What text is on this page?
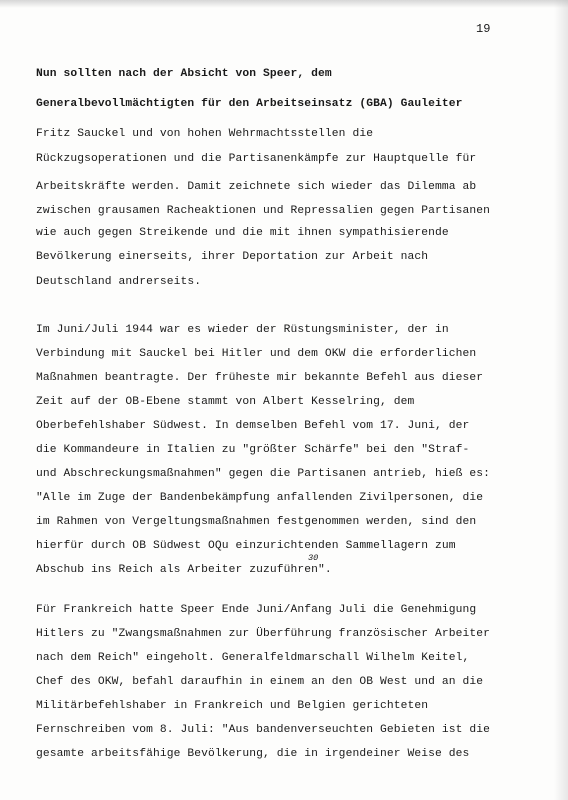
19
Nun sollten nach der Absicht von Speer, dem
Generalbevollmächtigten für den Arbeitseinsatz (GBA) Gauleiter
Fritz Sauckel und von hohen Wehrmachtsstellen die
Rückzugsoperationen und die Partisanenkämpfe zur Hauptquelle für
Arbeitskräfte werden. Damit zeichnete sich wieder das Dilemma ab
zwischen grausamen Racheaktionen und Repressalien gegen Partisanen
wie auch gegen Streikende und die mit ihnen sympathisierende
Bevölkerung einerseits, ihrer Deportation zur Arbeit nach
Deutschland andrerseits.
Im Juni/Juli 1944 war es wieder der Rüstungsminister, der in
Verbindung mit Sauckel bei Hitler und dem OKW die erforderlichen
Maßnahmen beantragte. Der früheste mir bekannte Befehl aus dieser
Zeit auf der OB-Ebene stammt von Albert Kesselring, dem
Oberbefehlshaber Südwest. In demselben Befehl vom 17. Juni, der
die Kommandeure in Italien zu "größter Schärfe" bei den "Straf-
und Abschreckungsmaßnahmen" gegen die Partisanen antrieb, hieß es:
"Alle im Zuge der Bandenbekämpfung anfallenden Zivilpersonen, die
im Rahmen von Vergeltungsmaßnahmen festgenommen werden, sind den
hierfür durch OB Südwest OQu einzurichtenden Sammellagern zum
Abschub ins Reich als Arbeiter zuzuführen".
30
Für Frankreich hatte Speer Ende Juni/Anfang Juli die Genehmigung
Hitlers zu "Zwangsmaßnahmen zur Überführung französischer Arbeiter
nach dem Reich" eingeholt. Generalfeldmarschall Wilhelm Keitel,
Chef des OKW, befahl daraufhin in einem an den OB West und an die
Militärbefehlshaber in Frankreich und Belgien gerichteten
Fernschreiben vom 8. Juli: "Aus bandenverseuchten Gebieten ist die
gesamte arbeitsfähige Bevölkerung, die in irgendeiner Weise des
